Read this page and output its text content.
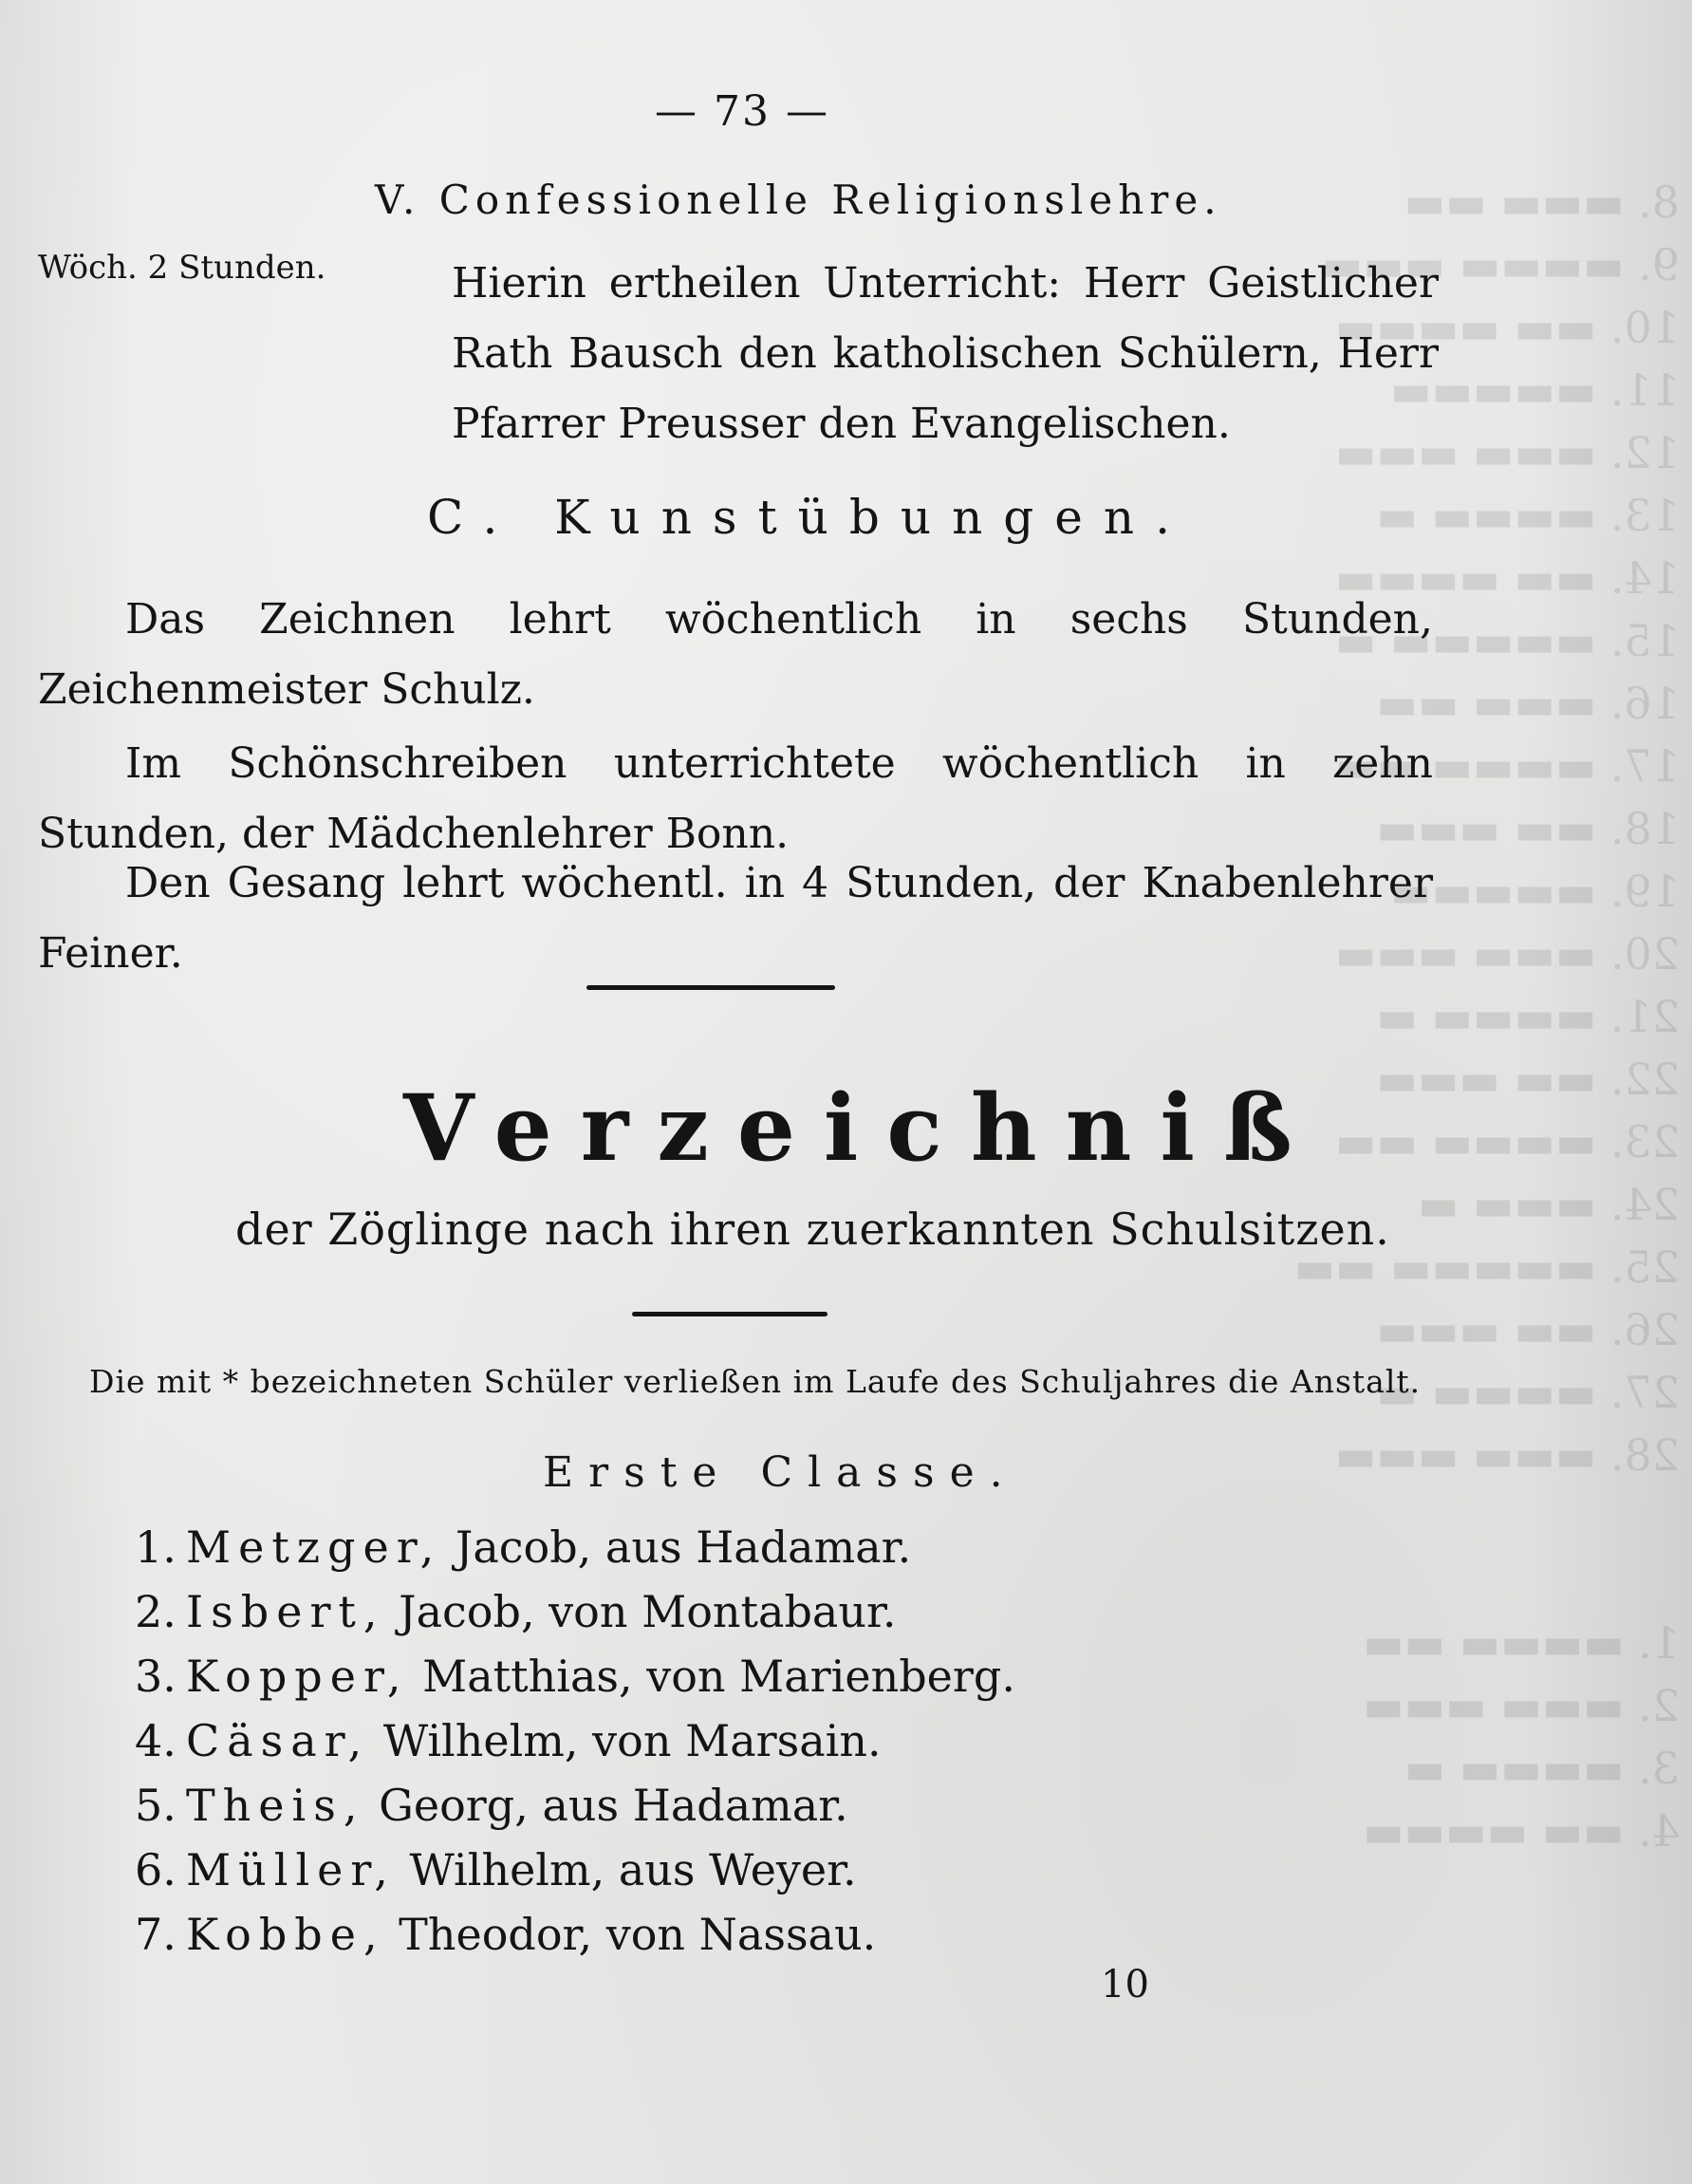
8. ▬▬▬ ▬▬
9. ▬▬▬▬ ▬▬▬
10. ▬▬ ▬▬▬▬
11. ▬▬▬▬▬
12. ▬▬▬ ▬▬▬
13. ▬▬▬▬ ▬
14. ▬▬ ▬▬▬▬
15. ▬▬▬▬▬ ▬
16. ▬▬▬ ▬▬
17. ▬▬▬▬ ▬▬
18. ▬▬ ▬▬▬
19. ▬▬▬▬▬
20. ▬▬▬ ▬▬▬
21. ▬▬▬▬ ▬
22. ▬▬ ▬▬▬
23. ▬▬▬▬ ▬▬
24. ▬▬▬ ▬
25. ▬▬▬▬▬ ▬▬
26. ▬▬ ▬▬▬
27. ▬▬▬▬ ▬
28. ▬▬▬ ▬▬▬

1. ▬▬▬▬ ▬▬
2. ▬▬▬ ▬▬▬
3. ▬▬▬▬ ▬
4. ▬▬ ▬▬▬▬
— 73 —
V. Confessionelle Religionslehre.
Wöch. 2 Stunden.	Hierin ertheilen Unterricht: Herr Geistlicher Rath Bausch den katholischen Schülern, Herr Pfarrer Preusser den Evangelischen.
C. Kunstübungen.
Das Zeichnen lehrt wöchentlich in sechs Stunden, Zeichenmeister Schulz.
Im Schönschreiben unterrichtete wöchentlich in zehn Stunden, der Mädchenlehrer Bonn.
Den Gesang lehrt wöchentl. in 4 Stunden, der Knabenlehrer Feiner.
Verzeichniß
der Zöglinge nach ihren zuerkannten Schulsitzen.
Die mit * bezeichneten Schüler verließen im Laufe des Schuljahres die Anstalt.
Erste Classe.
1. Metzger, Jacob, aus Hadamar.
2. Isbert, Jacob, von Montabaur.
3. Kopper, Matthias, von Marienberg.
4. Cäsar, Wilhelm, von Marsain.
5. Theis, Georg, aus Hadamar.
6. Müller, Wilhelm, aus Weyer.
7. Kobbe, Theodor, von Nassau.
10
